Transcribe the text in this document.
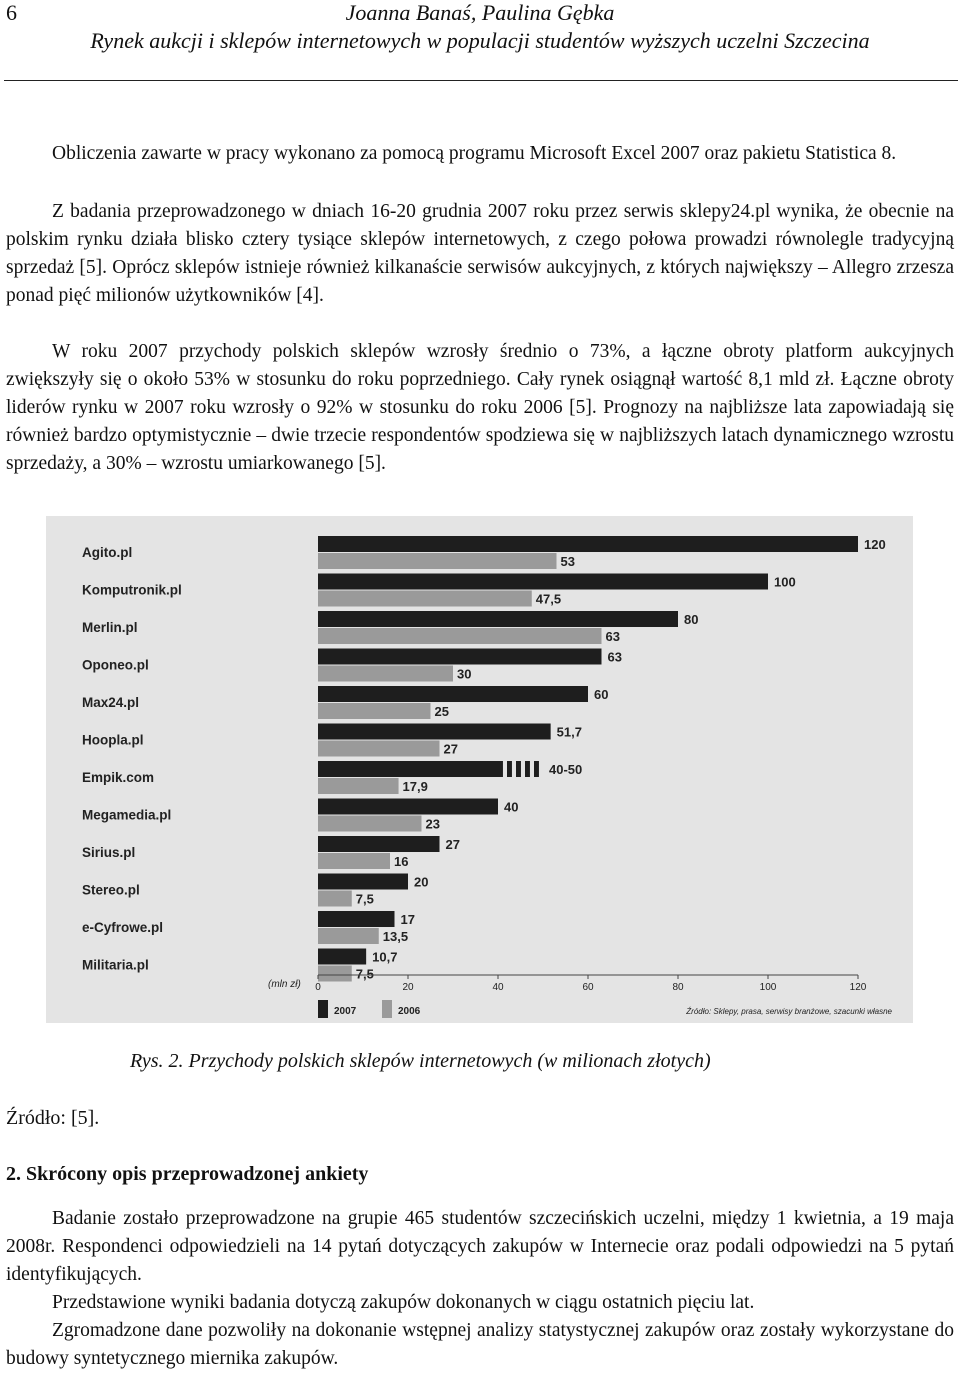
6	Joanna Banaś, Paulina Gębka
Rynek aukcji i sklepów internetowych w populacji studentów wyższych uczelni Szczecina

Obliczenia zawarte w pracy wykonano za pomocą programu Microsoft Excel 2007 oraz pakietu Statistica 8.

Z badania przeprowadzonego w dniach 16-20 grudnia 2007 roku przez serwis sklepy24.pl wynika, że obecnie na polskim rynku działa blisko cztery tysiące sklepów internetowych, z czego połowa prowadzi równolegle tradycyjną sprzedaż [5]. Oprócz sklepów istnieje również kilkanaście serwisów aukcyjnych, z których największy – Allegro zrzesza ponad pięć milionów użytkowników [4].

W roku 2007 przychody polskich sklepów wzrosły średnio o 73%, a łączne obroty platform aukcyjnych zwiększyły się o około 53% w stosunku do roku poprzedniego. Cały rynek osiągnął wartość 8,1 mld zł. Łączne obroty liderów rynku w 2007 roku wzrosły o 92% w stosunku do roku 2006 [5]. Prognozy na najbliższe lata zapowiadają się również bardzo optymistycznie – dwie trzecie respondentów spodziewa się w najbliższych latach dynamicznego wzrostu sprzedaży, a 30% – wzrostu umiarkowanego [5].

Agito.pl
120
53
Komputronik.pl
100
47,5
Merlin.pl
80
63
Oponeo.pl
63
30
Max24.pl
60
25
Hoopla.pl
51,7
27
Empik.com
40-50
17,9
Megamedia.pl
40
23
Sirius.pl
27
16
Stereo.pl
20
7,5
e-Cyfrowe.pl
17
13,5
Militaria.pl
10,7
7,5
(mln zł) 0	20	40	60	80	100	120
2007	2006	Źródło: Sklepy, prasa, serwisy branżowe, szacunki własne
Rys. 2. Przychody polskich sklepów internetowych (w milionach złotych)
Źródło: [5].
2. Skrócony opis przeprowadzonej ankiety

Badanie zostało przeprowadzone na grupie 465 studentów szczecińskich uczelni, między 1 kwietnia, a 19 maja 2008r. Respondenci odpowiedzieli na 14 pytań dotyczących zakupów w Internecie oraz podali odpowiedzi na 5 pytań identyfikujących.

Przedstawione wyniki badania dotyczą zakupów dokonanych w ciągu ostatnich pięciu lat.

Zgromadzone dane pozwoliły na dokonanie wstępnej analizy statystycznej zakupów oraz zostały wykorzystane do budowy syntetycznego miernika zakupów.
